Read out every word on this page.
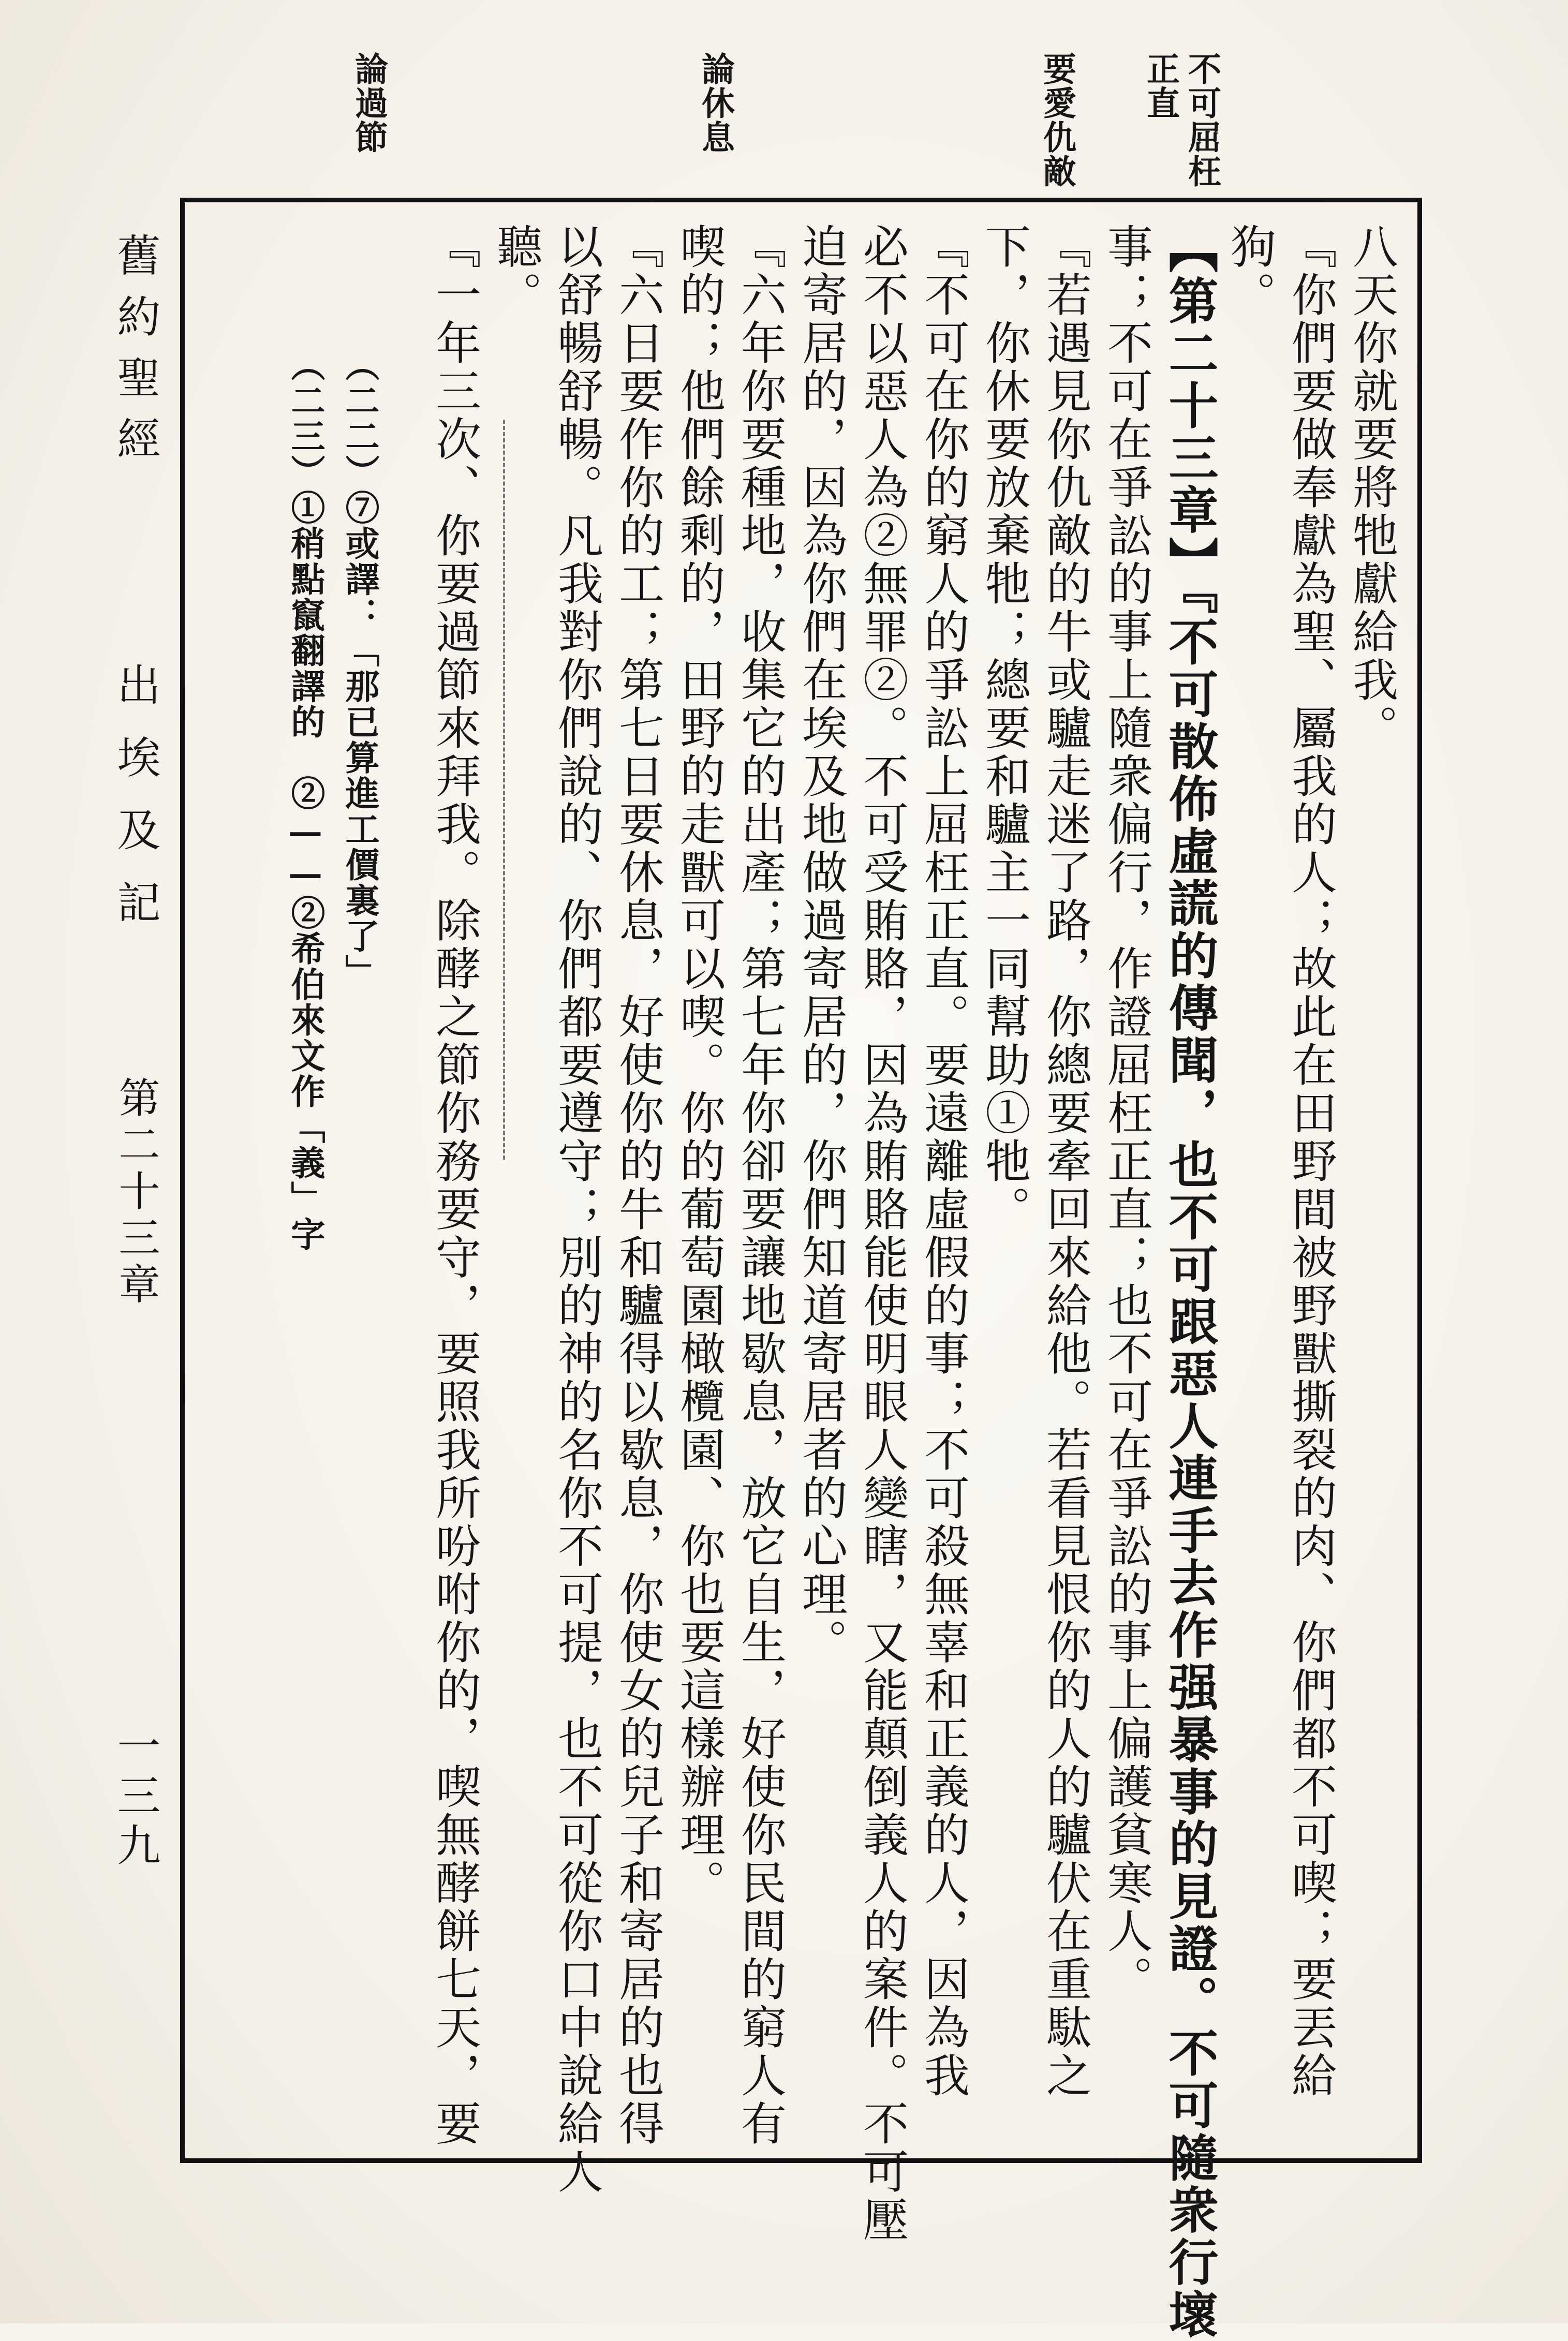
要愛仇敵	不可屈枉
正直
論休息
論過節
舊約聖經
出埃及記
第二十三章
一三九
八天你就要將牠獻給我。
『你們要做奉獻為聖、屬我的人；故此在田野間被野獸撕裂的肉、你們都不可喫；要丟給
狗。
【第二十三章】『不可散佈虛謊的傳聞，也不可跟惡人連手去作强暴事的見證。不可隨衆行壞
事；不可在爭訟的事上隨衆偏行，作證屈枉正直；也不可在爭訟的事上偏護貧寒人。
『若遇見你仇敵的牛或驢走迷了路，你總要牽回來給他。若看見恨你的人的驢伏在重駄之
下，你休要放棄牠；總要和驢主一同幫助①牠。
『不可在你的窮人的爭訟上屈枉正直。要遠離虛假的事；不可殺無辜和正義的人，因為我
必不以惡人為②無罪②。不可受賄賂，因為賄賂能使明眼人變瞎，又能顛倒義人的案件。不可壓
迫寄居的，因為你們在埃及地做過寄居的，你們知道寄居者的心理。
『六年你要種地，收集它的出產；第七年你卻要讓地歇息，放它自生，好使你民間的窮人有
喫的；他們餘剩的，田野的走獸可以喫。你的葡萄園橄欖園、你也要這樣辦理。
『六日要作你的工；第七日要休息，好使你的牛和驢得以歇息，你使女的兒子和寄居的也得
以舒暢舒暢。凡我對你們說的、你們都要遵守；別的神的名你不可提，也不可從你口中說給人
聽。
『一年三次、你要過節來拜我。除酵之節你務要守，要照我所吩咐你的，喫無酵餅七天，要
（二二）⑦或譯：「那已算進工價裏了」
（二三）①稍點竄翻譯的　②——②希伯來文作「義」字
